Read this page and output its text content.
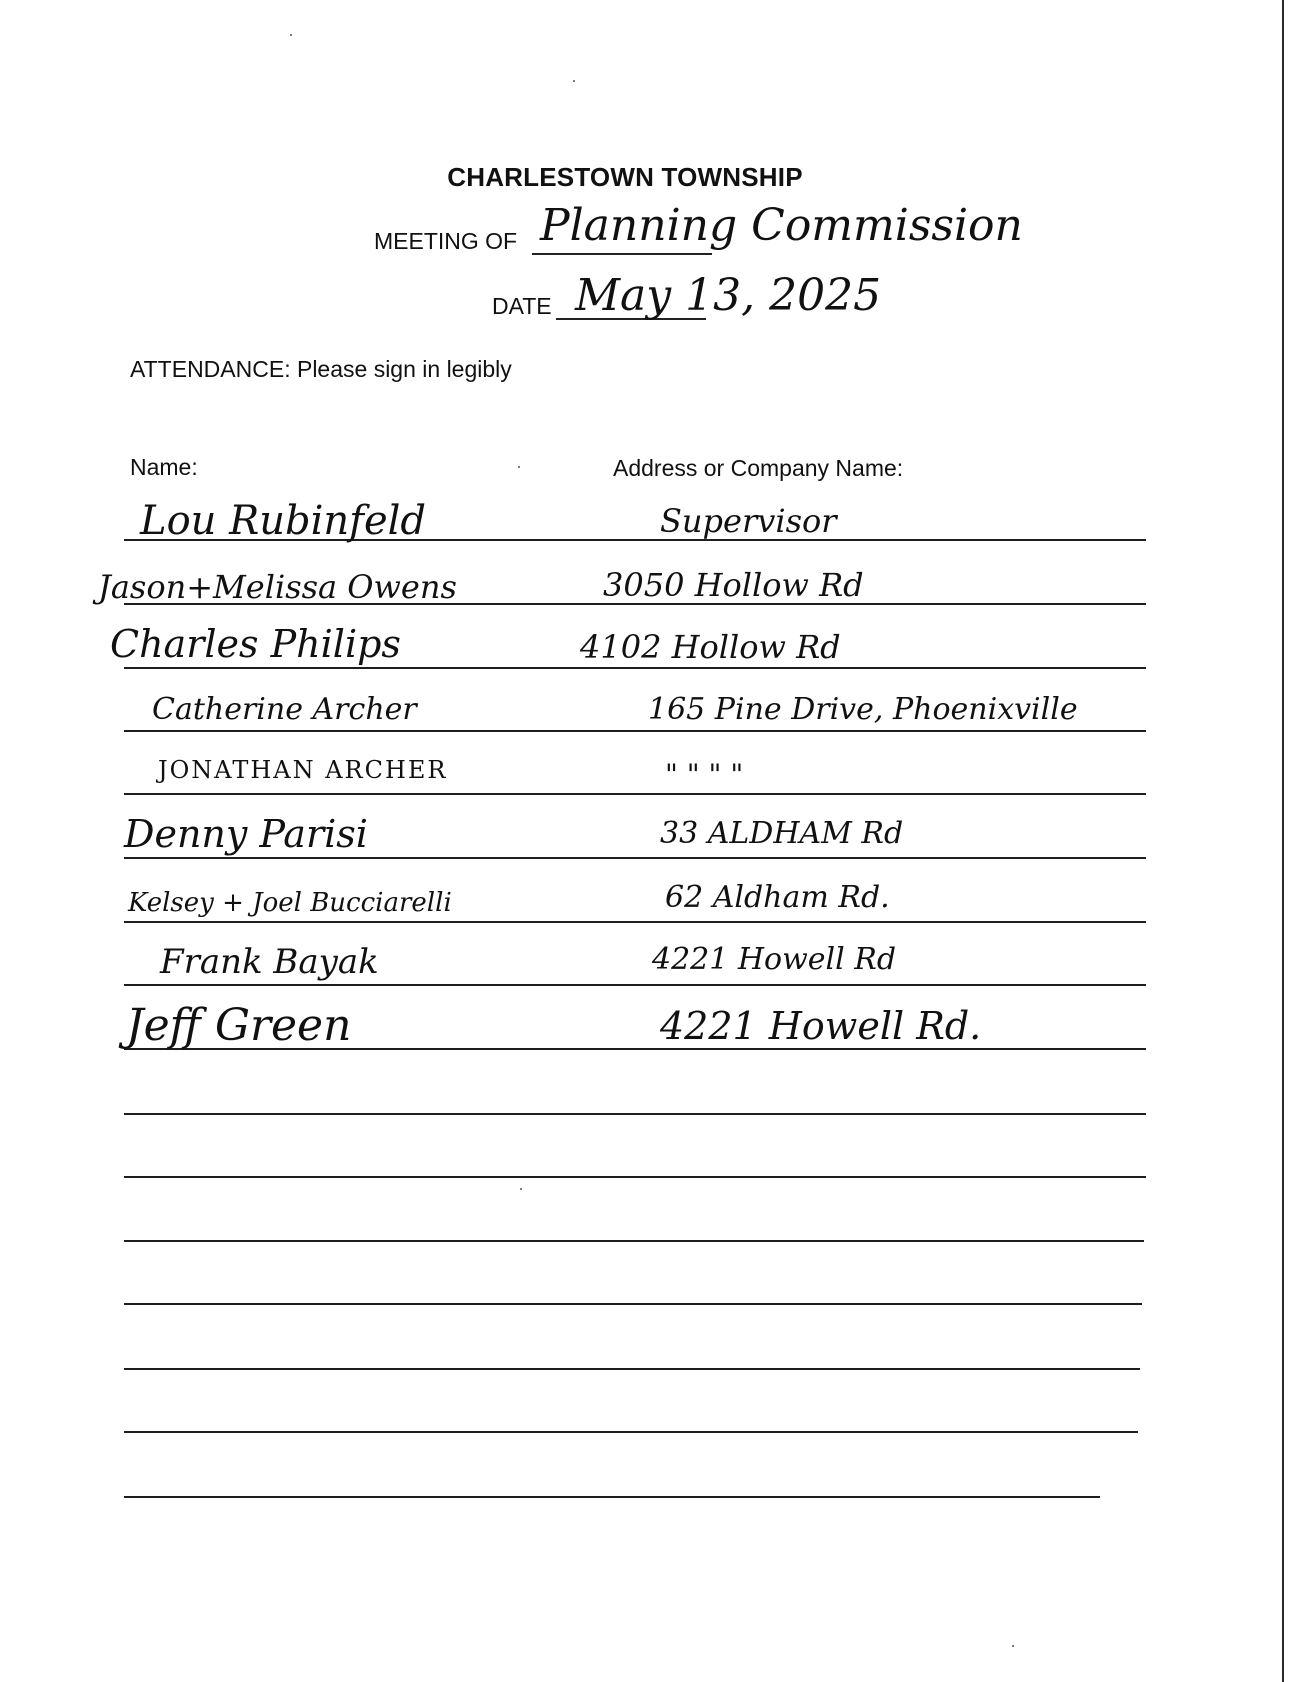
CHARLESTOWN TOWNSHIP
MEETING OF Planning Commission
DATE May 13, 2025
ATTENDANCE: Please sign in legibly
Name:	Address or Company Name:
Lou Rubinfeld
Jason+Melissa Owens
Charles Philips
Catherine Archer
JONATHAN ARCHER
Denny Parisi
Kelsey + Joel Bucciarelli
Frank Bayak
Jeff Green
Supervisor
3050 Hollow Rd
4102 Hollow Rd
165 Pine Drive, Phoenixville
" " " "
33 ALDHAM Rd
62 Aldham Rd.
4221 Howell Rd
4221 Howell Rd.
